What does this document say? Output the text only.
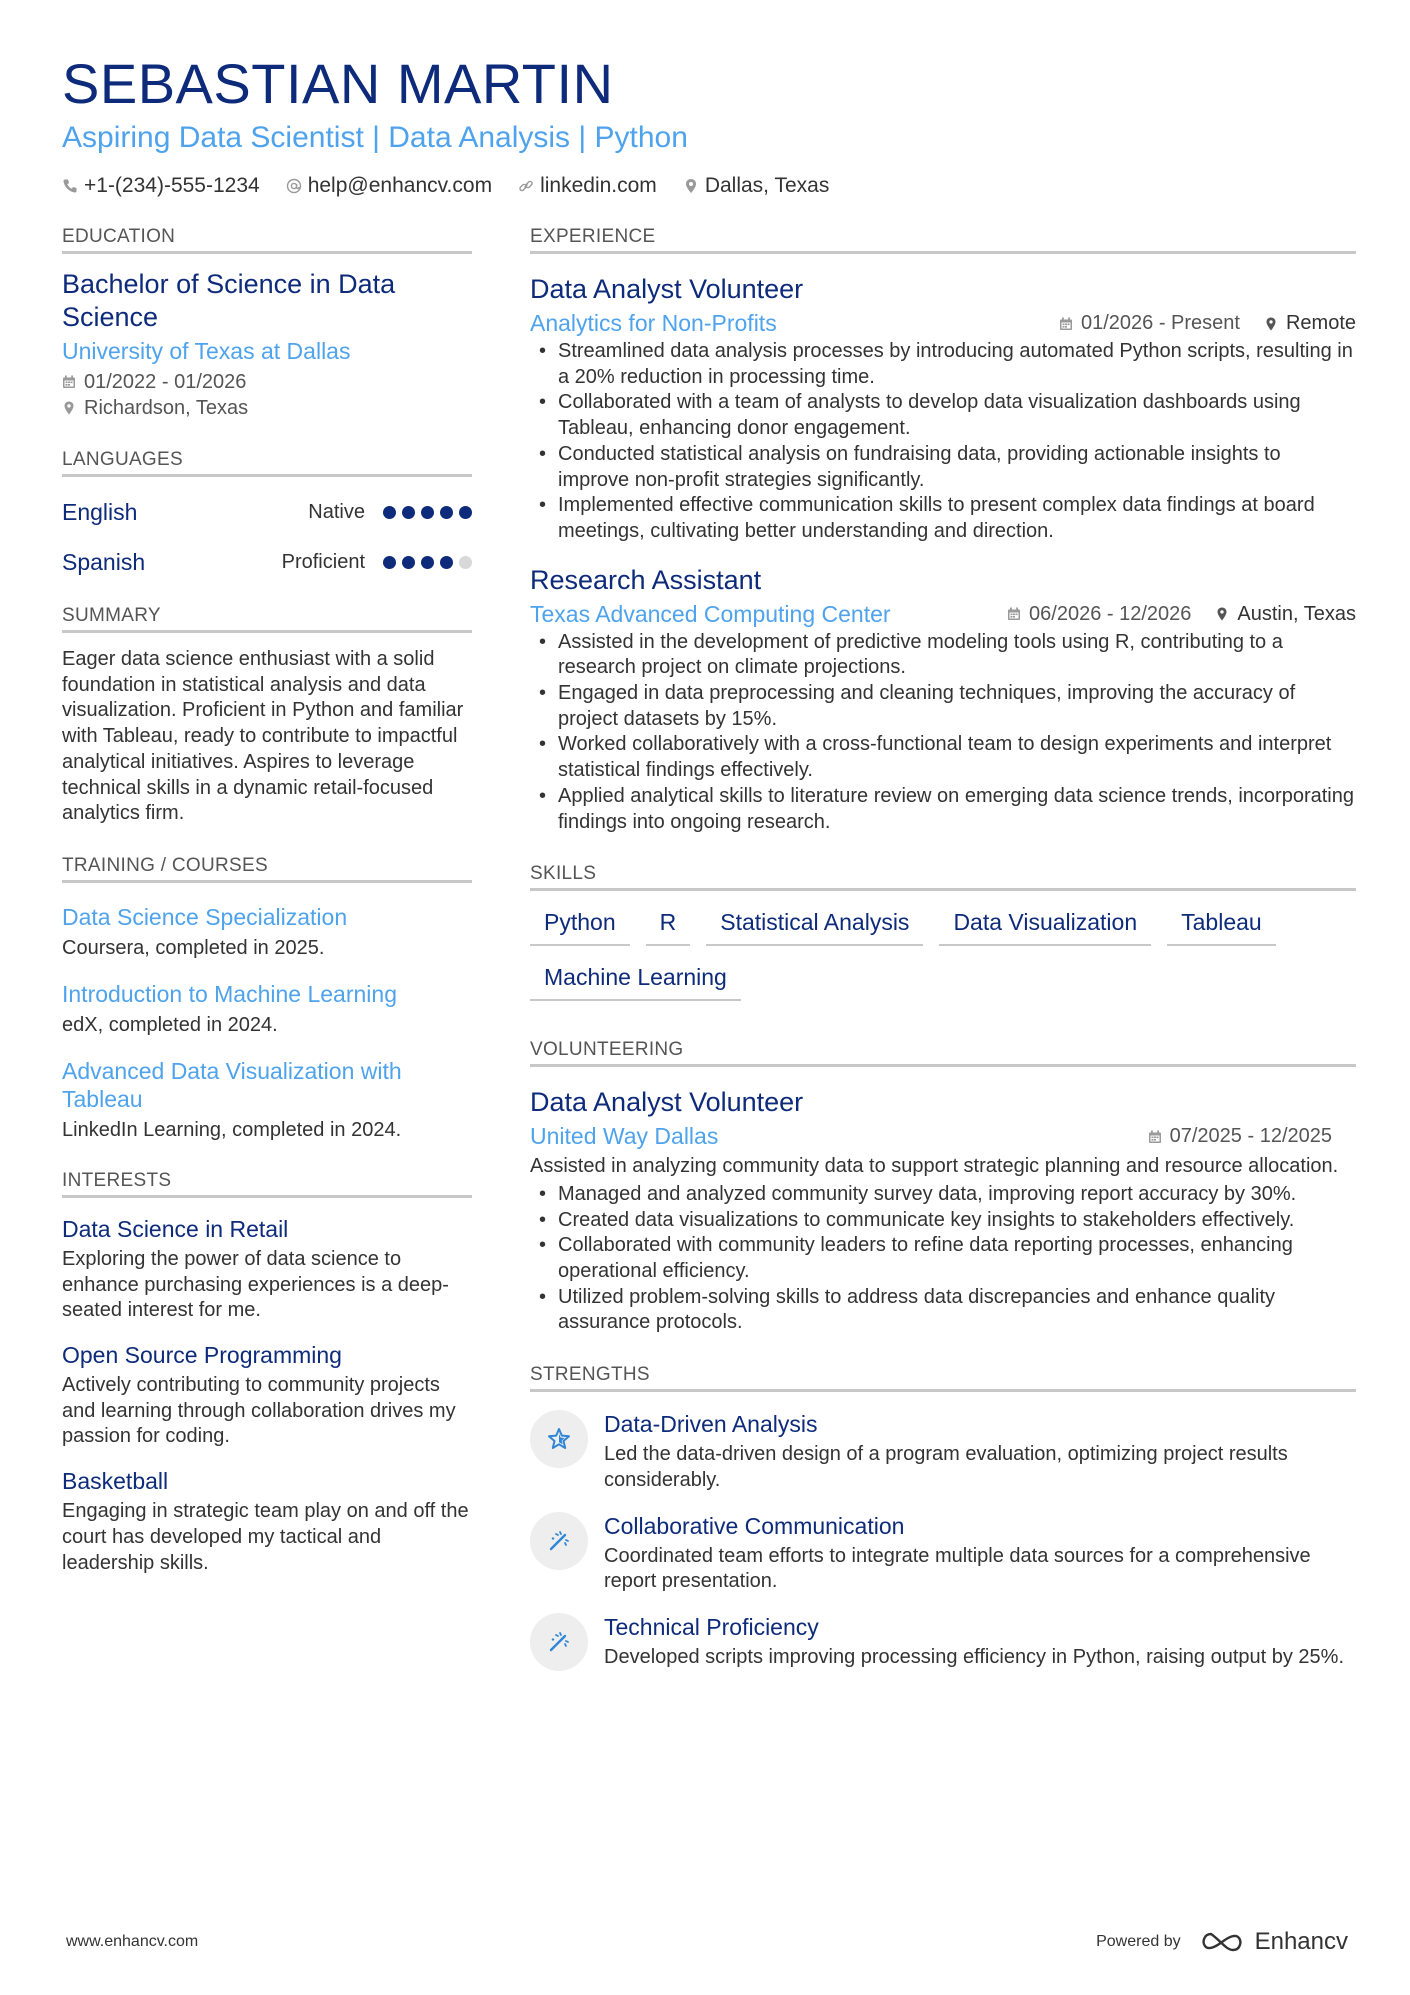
SEBASTIAN MARTIN
Aspiring Data Scientist | Data Analysis | Python
+1-(234)-555-1234 help@enhancv.com linkedin.com Dallas, Texas
EDUCATION
Bachelor of Science in Data Science
University of Texas at Dallas
01/2022 - 01/2026
Richardson, Texas
LANGUAGES
English	Native
Spanish	Proficient
SUMMARY
Eager data science enthusiast with a solid foundation in statistical analysis and data visualization. Proficient in Python and familiar with Tableau, ready to contribute to impactful analytical initiatives. Aspires to leverage technical skills in a dynamic retail-focused analytics firm.
TRAINING / COURSES
Data Science Specialization
Coursera, completed in 2025.
Introduction to Machine Learning
edX, completed in 2024.
Advanced Data Visualization with Tableau
LinkedIn Learning, completed in 2024.
INTERESTS
Data Science in Retail
Exploring the power of data science to enhance purchasing experiences is a deep-seated interest for me.
Open Source Programming
Actively contributing to community projects and learning through collaboration drives my passion for coding.
Basketball
Engaging in strategic team play on and off the court has developed my tactical and leadership skills.
EXPERIENCE
Data Analyst Volunteer
Analytics for Non-Profits	01/2026 - Present Remote
• Streamlined data analysis processes by introducing automated Python scripts, resulting in a 20% reduction in processing time.
• Collaborated with a team of analysts to develop data visualization dashboards using Tableau, enhancing donor engagement.
• Conducted statistical analysis on fundraising data, providing actionable insights to improve non-profit strategies significantly.
• Implemented effective communication skills to present complex data findings at board meetings, cultivating better understanding and direction.
Research Assistant
Texas Advanced Computing Center	06/2026 - 12/2026 Austin, Texas
• Assisted in the development of predictive modeling tools using R, contributing to a research project on climate projections.
• Engaged in data preprocessing and cleaning techniques, improving the accuracy of project datasets by 15%.
• Worked collaboratively with a cross-functional team to design experiments and interpret statistical findings effectively.
• Applied analytical skills to literature review on emerging data science trends, incorporating findings into ongoing research.
SKILLS
Python	R	Statistical Analysis	Data Visualization	Tableau
Machine Learning
VOLUNTEERING
Data Analyst Volunteer
United Way Dallas	07/2025 - 12/2025
Assisted in analyzing community data to support strategic planning and resource allocation.
• Managed and analyzed community survey data, improving report accuracy by 30%.
• Created data visualizations to communicate key insights to stakeholders effectively.
• Collaborated with community leaders to refine data reporting processes, enhancing operational efficiency.
• Utilized problem-solving skills to address data discrepancies and enhance quality assurance protocols.
STRENGTHS
Data-Driven Analysis
Led the data-driven design of a program evaluation, optimizing project results considerably.
Collaborative Communication
Coordinated team efforts to integrate multiple data sources for a comprehensive report presentation.
Technical Proficiency
Developed scripts improving processing efficiency in Python, raising output by 25%.
www.enhancv.com	Powered by	Enhancv
